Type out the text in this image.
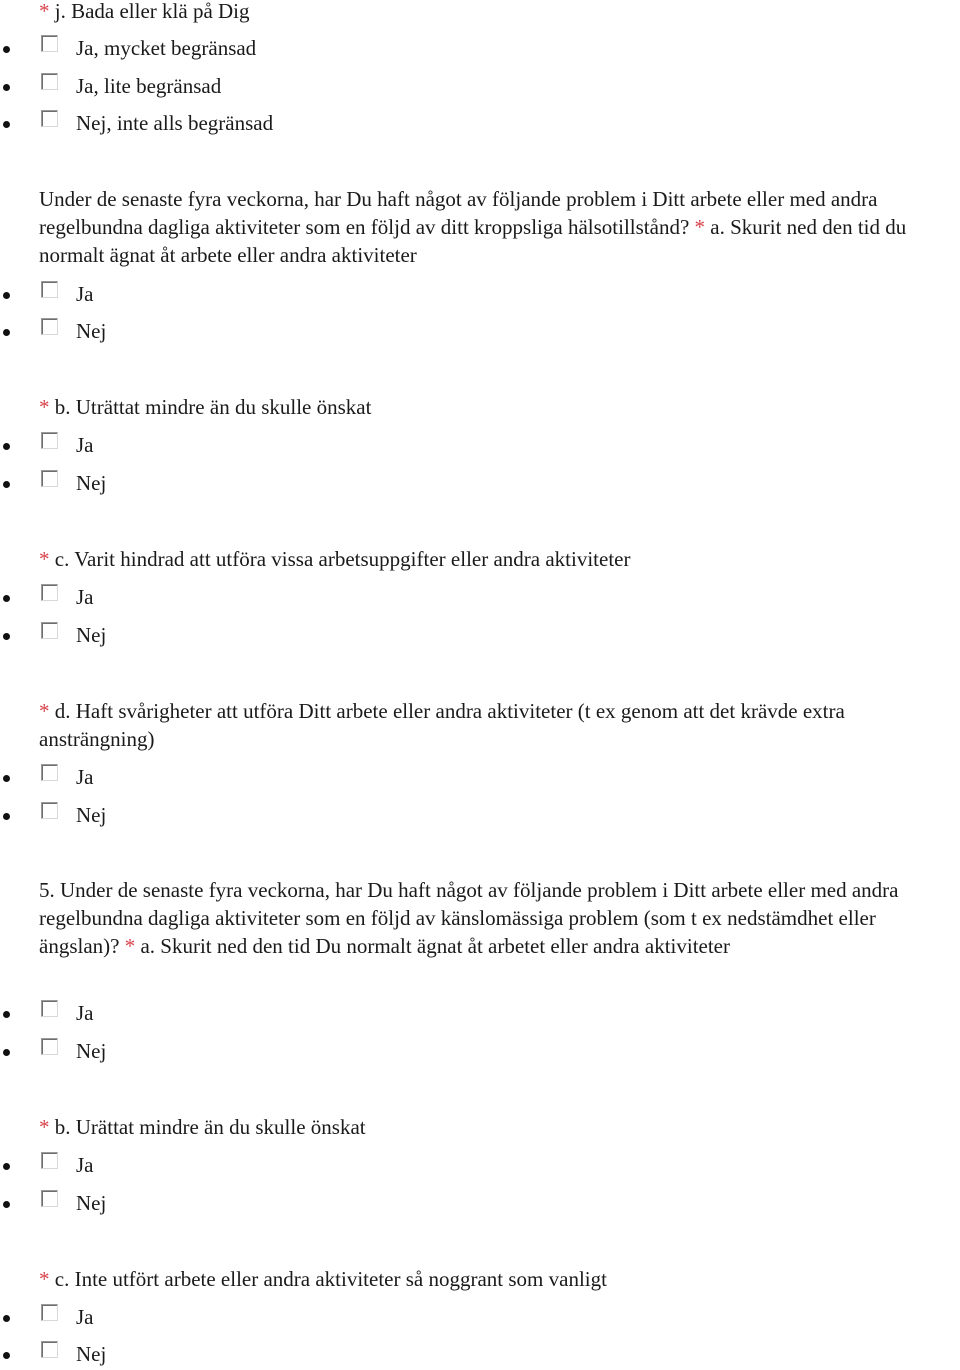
* j. Bada eller klä på Dig
Ja, mycket begränsad
Ja, lite begränsad
Nej, inte alls begränsad
Under de senaste fyra veckorna, har Du haft något av följande problem i Ditt arbete eller med andra regelbundna dagliga aktiviteter som en följd av ditt kroppsliga hälsotillstånd? * a. Skurit ned den tid du normalt ägnat åt arbete eller andra aktiviteter
Ja
Nej
* b. Uträttat mindre än du skulle önskat
Ja
Nej
* c. Varit hindrad att utföra vissa arbetsuppgifter eller andra aktiviteter
Ja
Nej
* d. Haft svårigheter att utföra Ditt arbete eller andra aktiviteter (t ex genom att det krävde extra ansträngning)
Ja
Nej
5. Under de senaste fyra veckorna, har Du haft något av följande problem i Ditt arbete eller med andra regelbundna dagliga aktiviteter som en följd av känslomässiga problem (som t ex nedstämdhet eller ängslan)? * a. Skurit ned den tid Du normalt ägnat åt arbetet eller andra aktiviteter
Ja
Nej
* b. Urättat mindre än du skulle önskat
Ja
Nej
* c. Inte utfört arbete eller andra aktiviteter så noggrant som vanligt
Ja
Nej
